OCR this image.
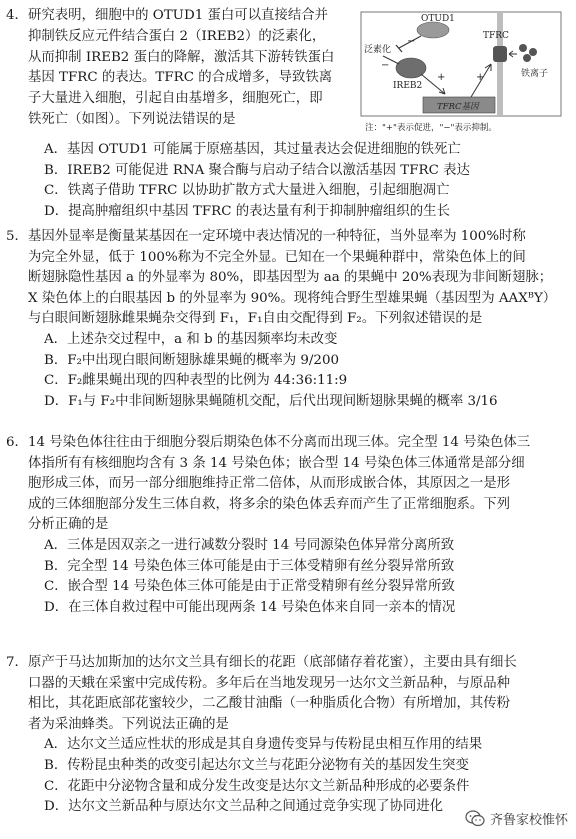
4．研究表明，细胞中的 OTUD1 蛋白可以直接结合并
抑制铁反应元件结合蛋白 2（IREB2）的泛素化，
从而抑制 IREB2 蛋白的降解，激活其下游转铁蛋白
基因 TFRC 的表达。TFRC 的合成增多，导致铁离
子大量进入细胞，引起自由基增多，细胞死亡，即
铁死亡（如图）。下列说法错误的是
OTUD1
IREB2
泛素化
−
−
+
TFRC基因
+
TFRC
铁离子
注："+"表示促进，"−"表示抑制。
A．基因 OTUD1 可能属于原癌基因，其过量表达会促进细胞的铁死亡
B．IREB2 可能促进 RNA 聚合酶与启动子结合以激活基因 TFRC 表达
C．铁离子借助 TFRC 以协助扩散方式大量进入细胞，引起细胞凋亡
D．提高肿瘤组织中基因 TFRC 的表达量有利于抑制肿瘤组织的生长
5．基因外显率是衡量某基因在一定环境中表达情况的一种特征，当外显率为 100%时称
为完全外显，低于 100%称为不完全外显。已知在一个果蝇种群中，常染色体上的间
断翅脉隐性基因 a 的外显率为 80%，即基因型为 aa 的果蝇中 20%表现为非间断翅脉；
X 染色体上的白眼基因 b 的外显率为 90%。现将纯合野生型雄果蝇（基因型为 AAXᴮY）
与白眼间断翅脉雌果蝇杂交得到 F₁，F₁自由交配得到 F₂。下列叙述错误的是
A．上述杂交过程中，a 和 b 的基因频率均未改变
B．F₂中出现白眼间断翅脉雄果蝇的概率为 9/200
C．F₂雌果蝇出现的四种表型的比例为 44:36:11:9
D．F₁与 F₂中非间断翅脉果蝇随机交配，后代出现间断翅脉果蝇的概率 3/16
6．14 号染色体往往由于细胞分裂后期染色体不分离而出现三体。完全型 14 号染色体三
体指所有有核细胞均含有 3 条 14 号染色体；嵌合型 14 号染色体三体通常是部分细
胞形成三体，而另一部分细胞维持正常二倍体，从而形成嵌合体，其原因之一是形
成的三体细胞部分发生三体自救，将多余的染色体丢弃而产生了正常细胞系。下列
分析正确的是
A．三体是因双亲之一进行减数分裂时 14 号同源染色体异常分离所致
B．完全型 14 号染色体三体可能是由于三体受精卵有丝分裂异常所致
C．嵌合型 14 号染色体三体可能是由于正常受精卵有丝分裂异常所致
D．在三体自救过程中可能出现两条 14 号染色体来自同一亲本的情况
7．原产于马达加斯加的达尔文兰具有细长的花距（底部储存着花蜜），主要由具有细长
口器的天蛾在采蜜中完成传粉。多年后在当地发现另一达尔文兰新品种，与原品种
相比，其花距底部花蜜较少，二乙酸甘油酯（一种脂质化合物）有所增加，其传粉
者为采油蜂类。下列说法正确的是
A．达尔文兰适应性状的形成是其自身遗传变异与传粉昆虫相互作用的结果
B．传粉昆虫种类的改变引起达尔文兰与花距分泌物有关的基因发生突变
C．花距中分泌物含量和成分发生改变是达尔文兰新品种形成的必要条件
D．达尔文兰新品种与原达尔文兰品种之间通过竞争实现了协同进化
齐鲁家校惟怀
